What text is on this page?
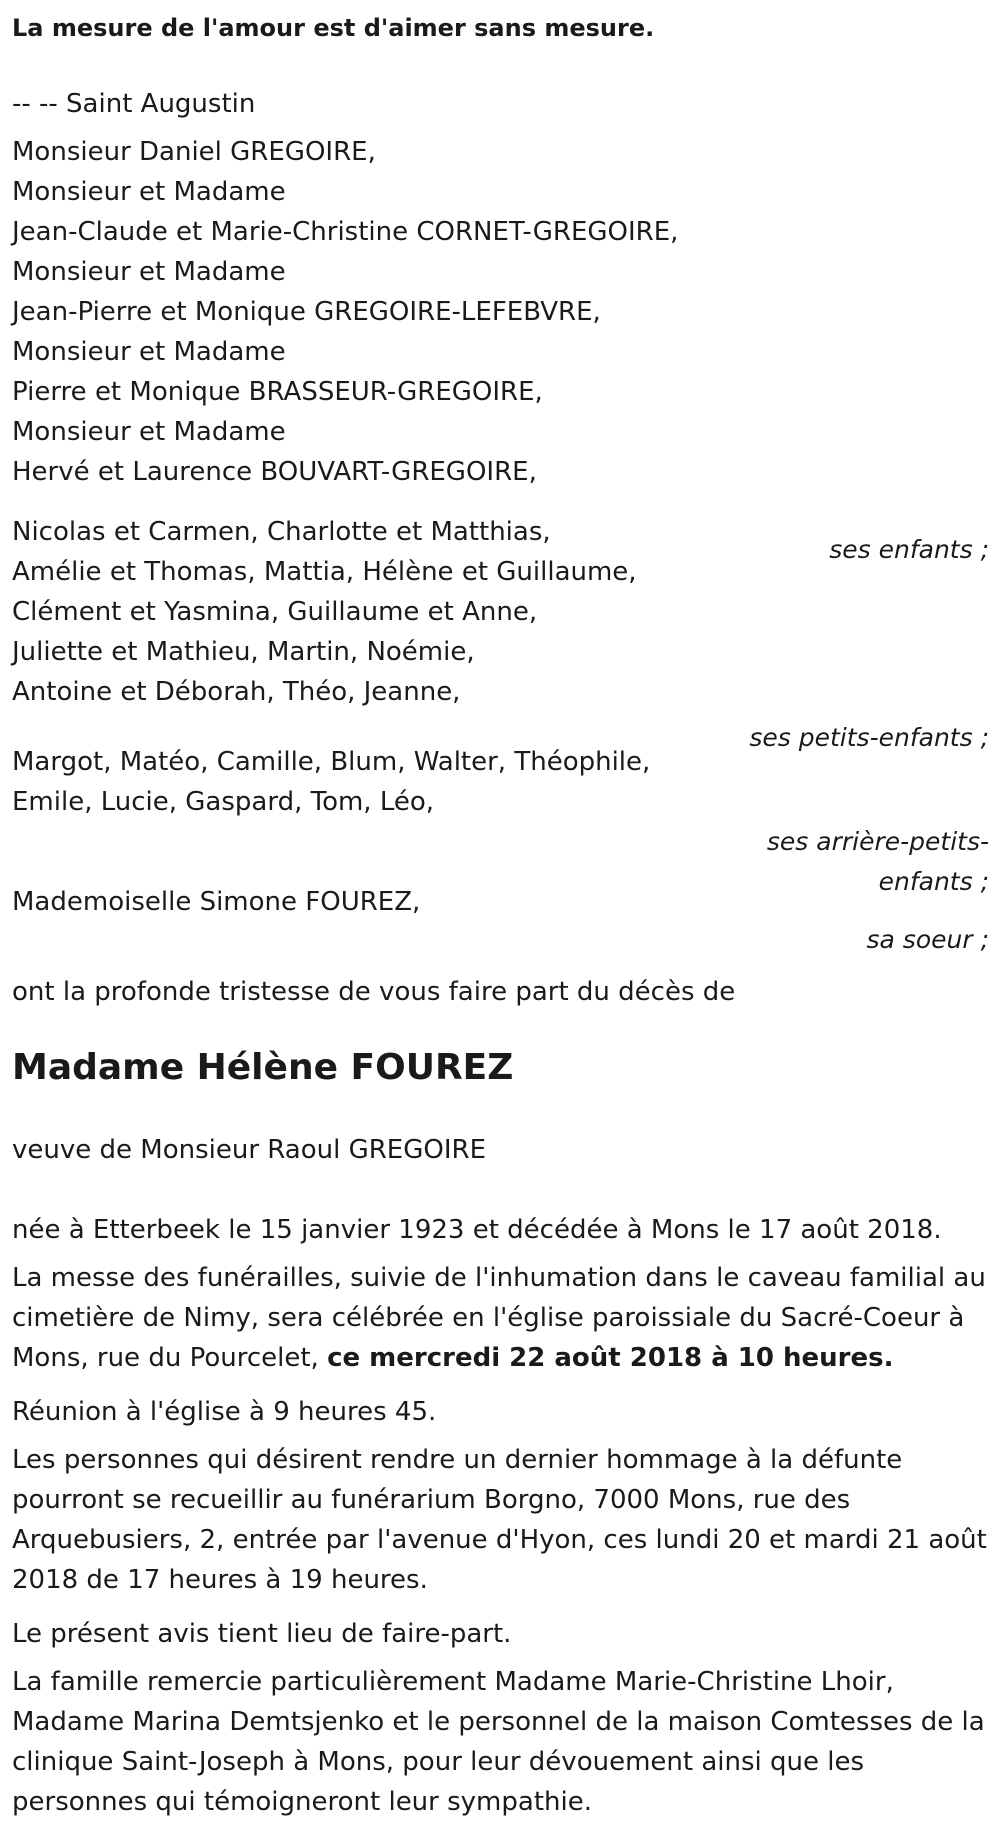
La mesure de l'amour est d'aimer sans mesure.
-- -- Saint Augustin
Monsieur Daniel GREGOIRE,
Monsieur et Madame
Jean-Claude et Marie-Christine CORNET-GREGOIRE,
Monsieur et Madame
Jean-Pierre et Monique GREGOIRE-LEFEBVRE,
Monsieur et Madame
Pierre et Monique BRASSEUR-GREGOIRE,
Monsieur et Madame
Hervé et Laurence BOUVART-GREGOIRE,
ses enfants ;
Nicolas et Carmen, Charlotte et Matthias,
Amélie et Thomas, Mattia, Hélène et Guillaume,
Clément et Yasmina, Guillaume et Anne,
Juliette et Mathieu, Martin, Noémie,
Antoine et Déborah, Théo, Jeanne,
ses petits-enfants ;
Margot, Matéo, Camille, Blum, Walter, Théophile,
Emile, Lucie, Gaspard, Tom, Léo,
ses arrière-petits-
enfants ;
Mademoiselle Simone FOUREZ,
sa soeur ;
ont la profonde tristesse de vous faire part du décès de
Madame Hélène FOUREZ
veuve de Monsieur Raoul GREGOIRE
née à Etterbeek le 15 janvier 1923 et décédée à Mons le 17 août 2018.
La messe des funérailles, suivie de l'inhumation dans le caveau familial au cimetière de Nimy, sera célébrée en l'église paroissiale du Sacré-Coeur à Mons, rue du Pourcelet, ce mercredi 22 août 2018 à 10 heures.
Réunion à l'église à 9 heures 45.
Les personnes qui désirent rendre un dernier hommage à la défunte pourront se recueillir au funérarium Borgno, 7000 Mons, rue des Arquebusiers, 2, entrée par l'avenue d'Hyon, ces lundi 20 et mardi 21 août 2018 de 17 heures à 19 heures.
Le présent avis tient lieu de faire-part.
La famille remercie particulièrement Madame Marie-Christine Lhoir, Madame Marina Demtsjenko et le personnel de la maison Comtesses de la clinique Saint-Joseph à Mons, pour leur dévouement ainsi que les personnes qui témoigneront leur sympathie.
